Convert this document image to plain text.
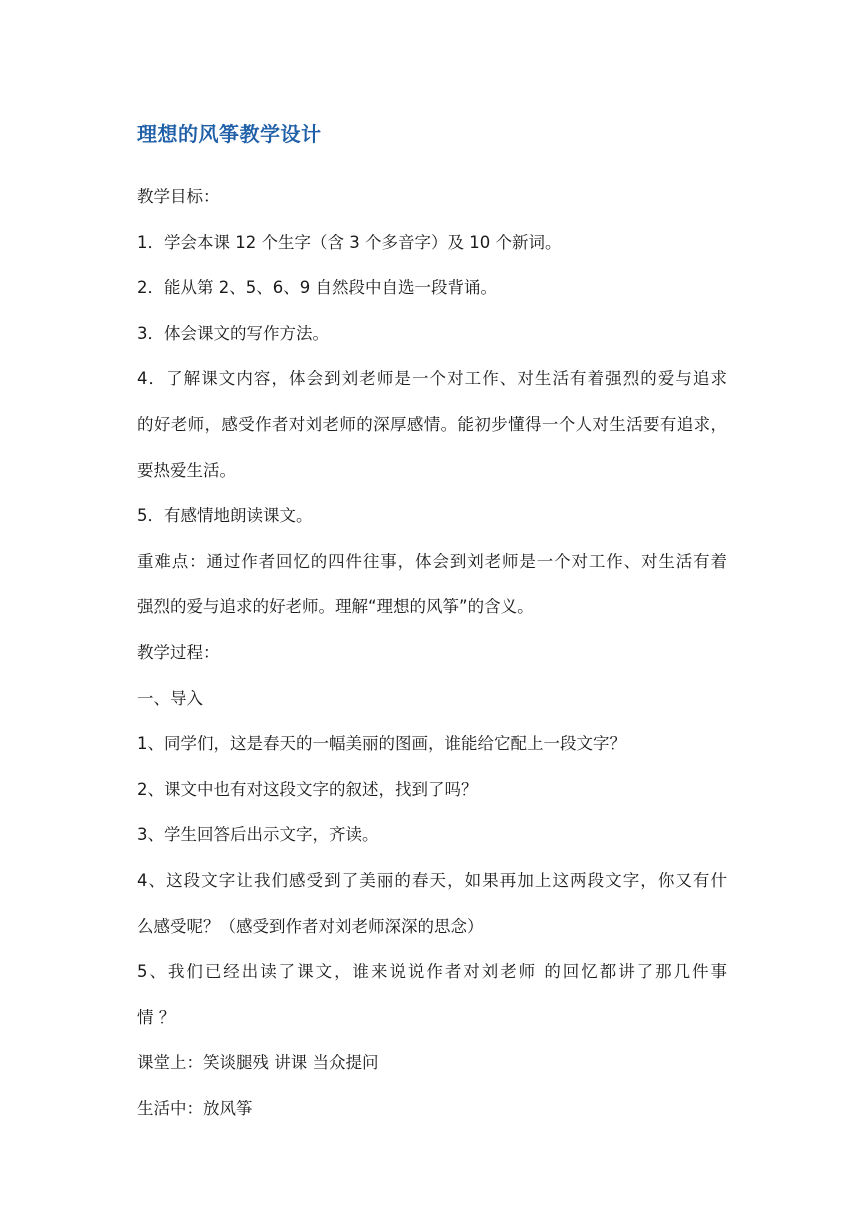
理想的风筝教学设计
教学目标：
1．学会本课 12 个生字（含 3 个多音字）及 10 个新词。
2．能从第 2、5、6、9 自然段中自选一段背诵。
3．体会课文的写作方法。
4．了解课文内容，体会到刘老师是一个对工作、对生活有着强烈的爱与追求
的好老师，感受作者对刘老师的深厚感情。能初步懂得一个人对生活要有追求，
要热爱生活。
5．有感情地朗读课文。
重难点：通过作者回忆的四件往事，体会到刘老师是一个对工作、对生活有着
强烈的爱与追求的好老师。理解“理想的风筝”的含义。
教学过程：
一、导入
1、同学们，这是春天的一幅美丽的图画，谁能给它配上一段文字？
2、课文中也有对这段文字的叙述，找到了吗？
3、学生回答后出示文字，齐读。
4、这段文字让我们感受到了美丽的春天，如果再加上这两段文字，你又有什
么感受呢？（感受到作者对刘老师深深的思念）
5、我们已经出读了课文，谁来说说作者对刘老师 的回忆都讲了那几件事
情 ？
课堂上：笑谈腿残 讲课 当众提问
生活中：放风筝
